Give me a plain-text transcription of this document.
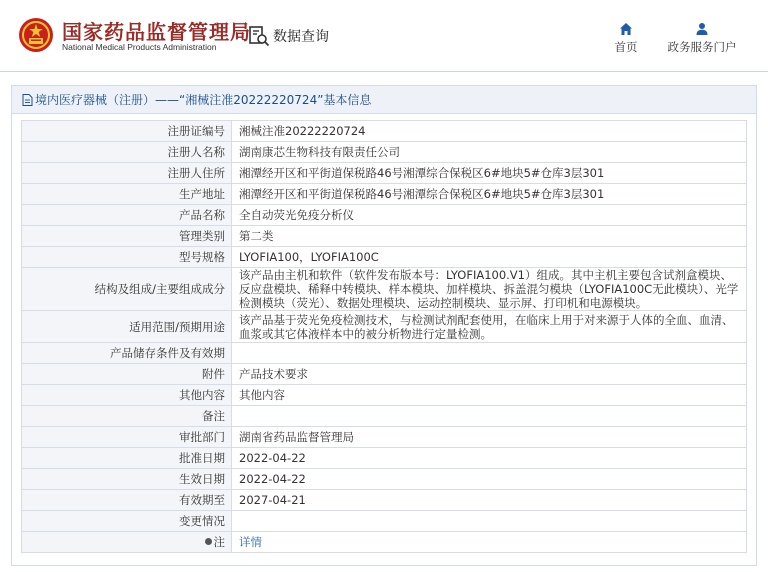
国家药品监督管理局
National Medical Products Administration
数据查询
首页	政务服务门户
境内医疗器械（注册）——“湘械注准20222220724”基本信息
注册证编号	湘械注准20222220724
注册人名称	湖南康芯生物科技有限责任公司
注册人住所	湘潭经开区和平街道保税路46号湘潭综合保税区6#地块5#仓库3层301
生产地址	湘潭经开区和平街道保税路46号湘潭综合保税区6#地块5#仓库3层301
产品名称	全自动荧光免疫分析仪
管理类别	第二类
型号规格	LYOFIA100，LYOFIA100C
结构及组成/主要组成成分	该产品由主机和软件（软件发布版本号：LYOFIA100.V1）组成。其中主机主要包含试剂盒模块、反应盘模块、稀释中转模块、样本模块、加样模块、拆盖混匀模块（LYOFIA100C无此模块）、光学检测模块（荧光）、数据处理模块、运动控制模块、显示屏、打印机和电源模块。
适用范围/预期用途	该产品基于荧光免疫检测技术，与检测试剂配套使用，在临床上用于对来源于人体的全血、血清、血浆或其它体液样本中的被分析物进行定量检测。
产品储存条件及有效期	
附件	产品技术要求
其他内容	其他内容
备注	
审批部门	湖南省药品监督管理局
批准日期	2022-04-22
生效日期	2022-04-22
有效期至	2027-04-21
变更情况	
注	详情
